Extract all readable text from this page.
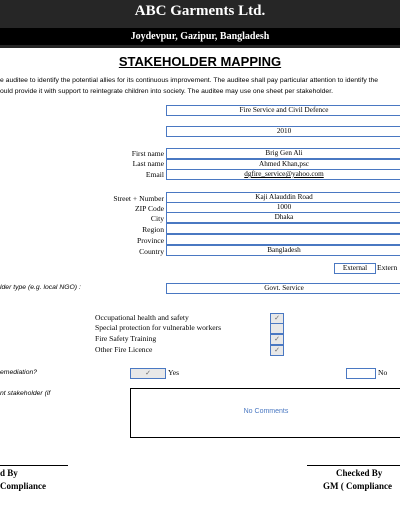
ABC Garments Ltd.
Joydevpur, Gazipur, Bangladesh
STAKEHOLDER MAPPING
e auditee to identify the potential allies for its continuous improvement. The auditee shall pay particular attention to identify the
ould provide it with support to reintegrate children into society. The auditee may use one sheet per stakeholder.
Fire Service and Civil Defence
2010
First name	Brig Gen Ali
Last name	Ahmed Khan,psc
Email	dgfire_service@yahoo.com
Street + Number	Kaji Alauddin Road
ZIP Code	1000
City	Dhaka
Region
Province
Country	Bangladesh
External	Extern
lder type (e.g. local NGO) :	Govt. Service
Occupational health and safety	✓
Special protection for vulnerable workers
Fire Safety Training	✓
Other Fire Licence	✓
emediation?	✓	Yes	No
nt stakeholder (if
No Comments
d By
Compliance
Checked By
GM ( Compliance
